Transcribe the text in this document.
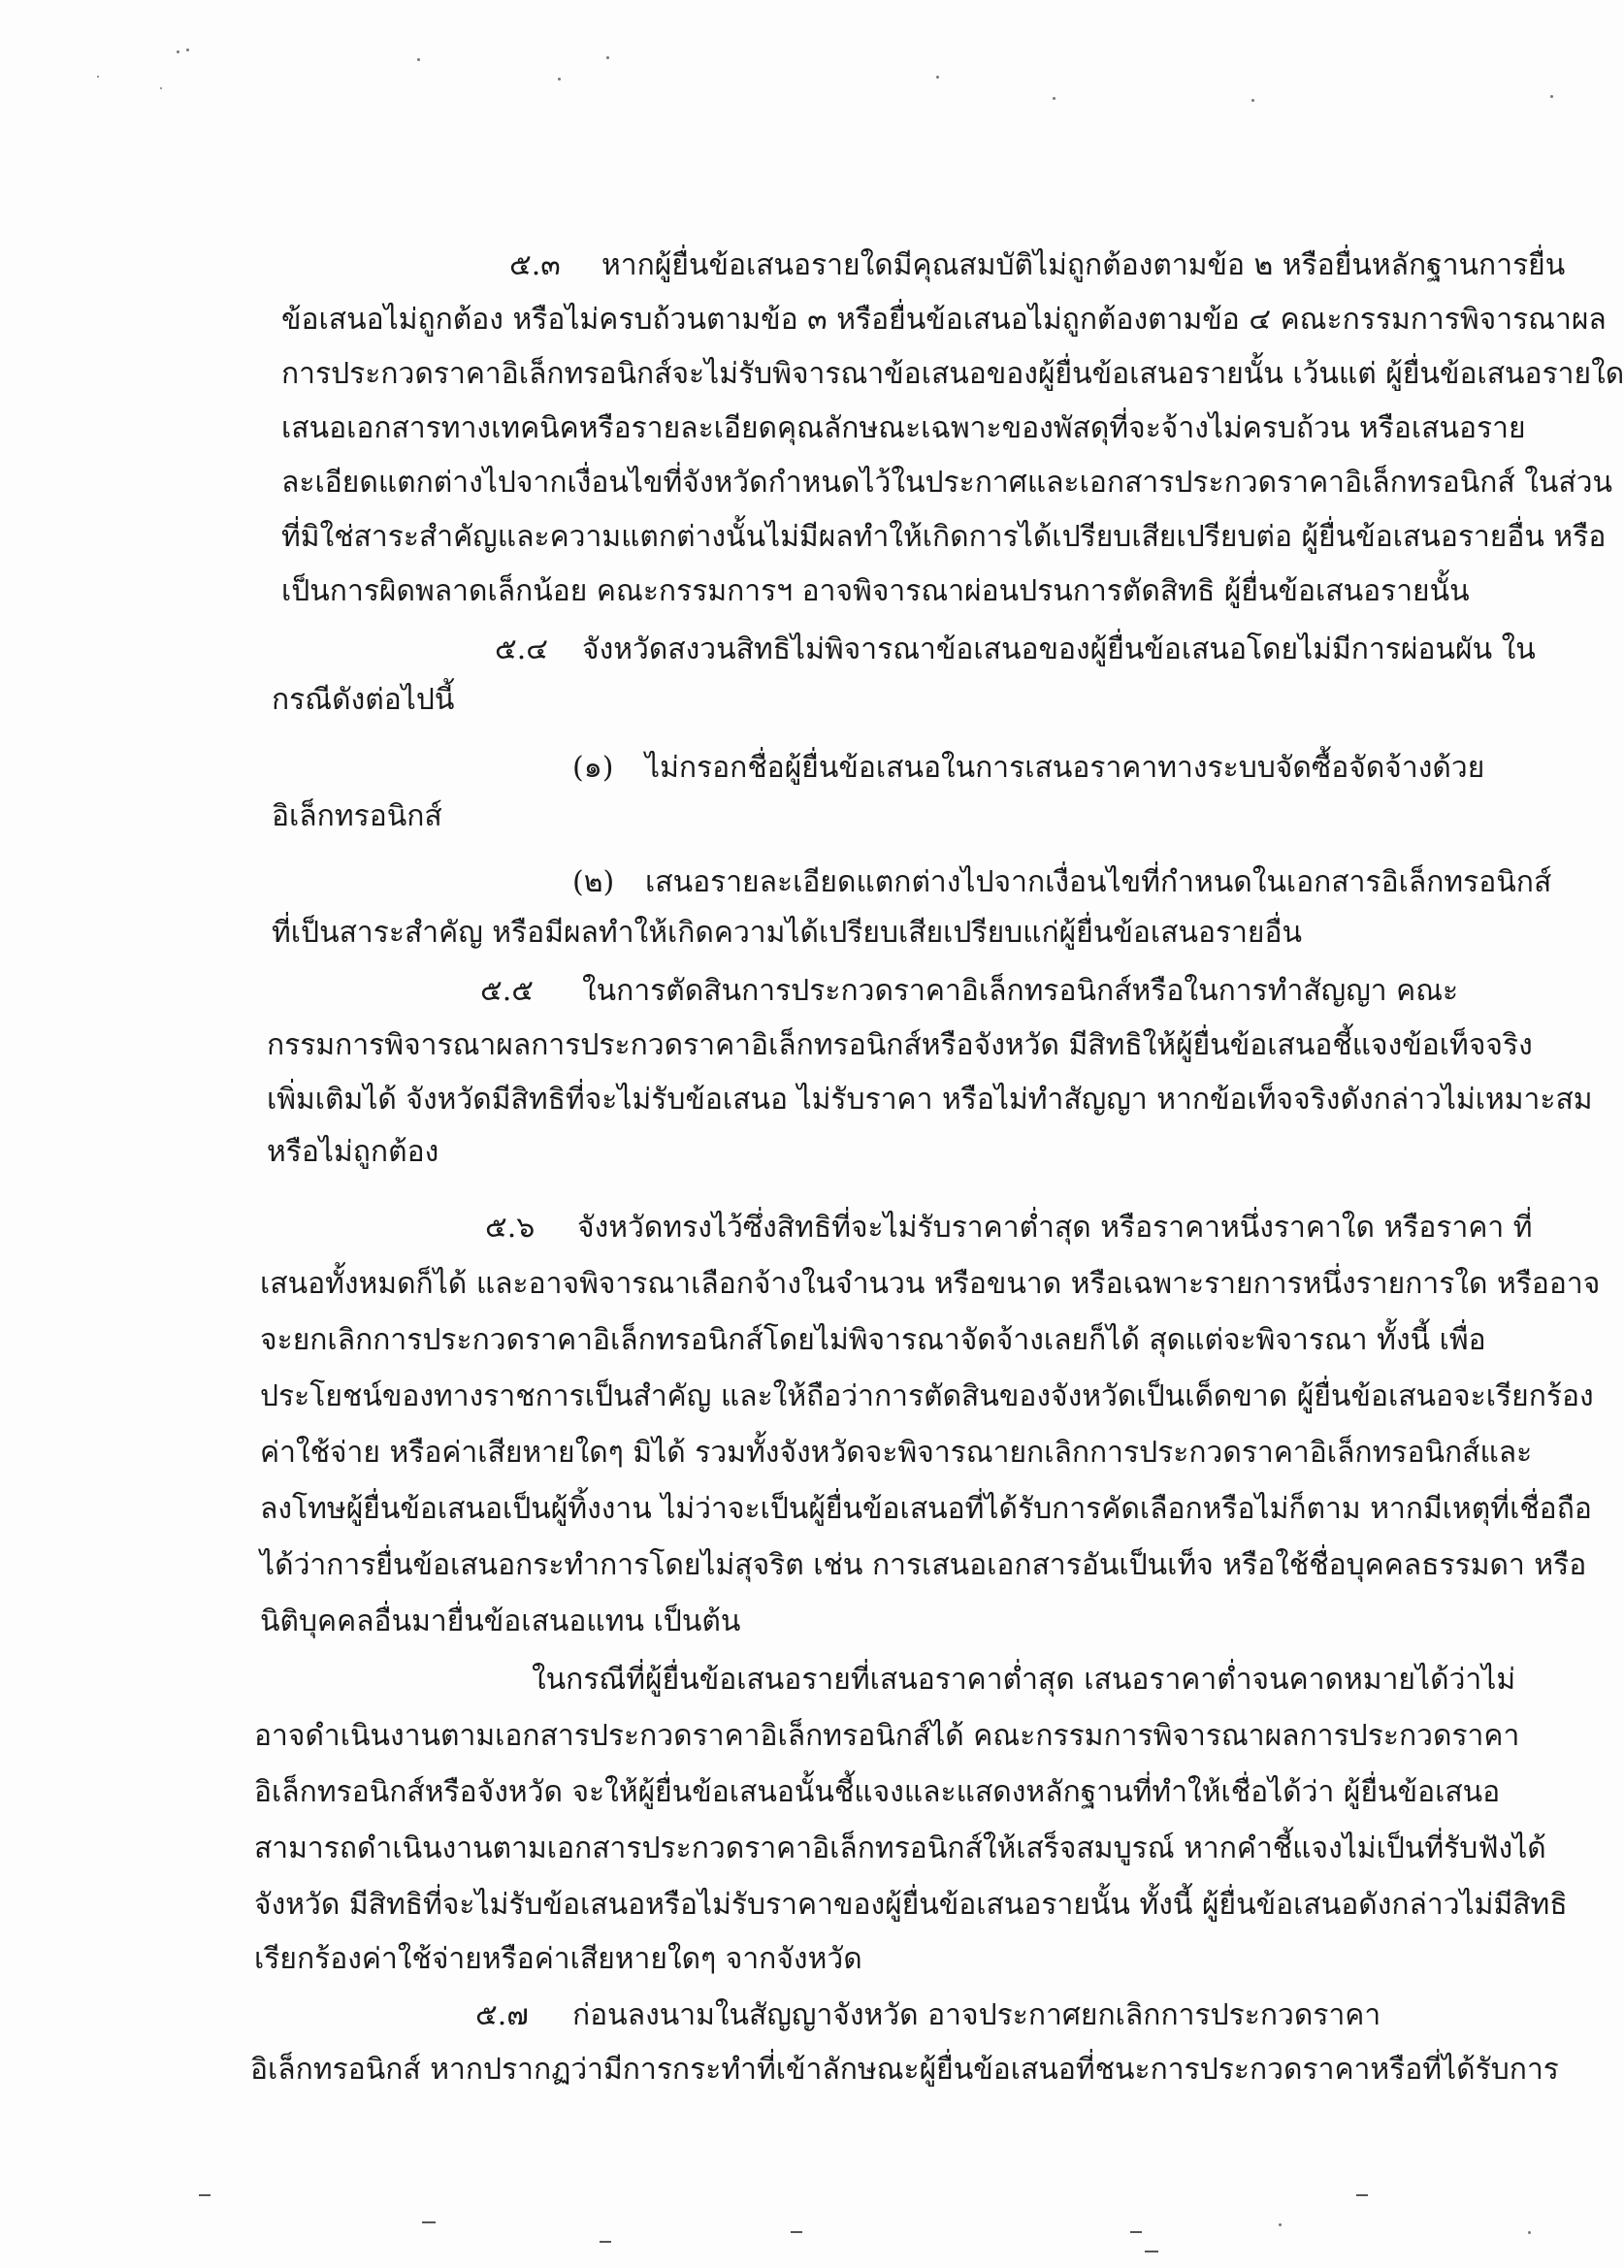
๕.๓ หากผู้ยื่นข้อเสนอรายใดมีคุณสมบัติไม่ถูกต้องตามข้อ ๒ หรือยื่นหลักฐานการยื่น
ข้อเสนอไม่ถูกต้อง หรือไม่ครบถ้วนตามข้อ ๓ หรือยื่นข้อเสนอไม่ถูกต้องตามข้อ ๔ คณะกรรมการพิจารณาผล
การประกวดราคาอิเล็กทรอนิกส์จะไม่รับพิจารณาข้อเสนอของผู้ยื่นข้อเสนอรายนั้น เว้นแต่ ผู้ยื่นข้อเสนอรายใด
เสนอเอกสารทางเทคนิคหรือรายละเอียดคุณลักษณะเฉพาะของพัสดุที่จะจ้างไม่ครบถ้วน หรือเสนอราย
ละเอียดแตกต่างไปจากเงื่อนไขที่จังหวัดกำหนดไว้ในประกาศและเอกสารประกวดราคาอิเล็กทรอนิกส์ ในส่วน
ที่มิใช่สาระสำคัญและความแตกต่างนั้นไม่มีผลทำให้เกิดการได้เปรียบเสียเปรียบต่อ ผู้ยื่นข้อเสนอรายอื่น หรือ
เป็นการผิดพลาดเล็กน้อย คณะกรรมการฯ อาจพิจารณาผ่อนปรนการตัดสิทธิ ผู้ยื่นข้อเสนอรายนั้น
๕.๔ จังหวัดสงวนสิทธิไม่พิจารณาข้อเสนอของผู้ยื่นข้อเสนอโดยไม่มีการผ่อนผัน ใน
กรณีดังต่อไปนี้
(๑) ไม่กรอกชื่อผู้ยื่นข้อเสนอในการเสนอราคาทางระบบจัดซื้อจัดจ้างด้วย
อิเล็กทรอนิกส์
(๒) เสนอรายละเอียดแตกต่างไปจากเงื่อนไขที่กำหนดในเอกสารอิเล็กทรอนิกส์
ที่เป็นสาระสำคัญ หรือมีผลทำให้เกิดความได้เปรียบเสียเปรียบแก่ผู้ยื่นข้อเสนอรายอื่น
๕.๕ ในการตัดสินการประกวดราคาอิเล็กทรอนิกส์หรือในการทำสัญญา คณะ
กรรมการพิจารณาผลการประกวดราคาอิเล็กทรอนิกส์หรือจังหวัด มีสิทธิให้ผู้ยื่นข้อเสนอชี้แจงข้อเท็จจริง
เพิ่มเติมได้ จังหวัดมีสิทธิที่จะไม่รับข้อเสนอ ไม่รับราคา หรือไม่ทำสัญญา หากข้อเท็จจริงดังกล่าวไม่เหมาะสม
หรือไม่ถูกต้อง
๕.๖ จังหวัดทรงไว้ซึ่งสิทธิที่จะไม่รับราคาต่ำสุด หรือราคาหนึ่งราคาใด หรือราคา ที่
เสนอทั้งหมดก็ได้ และอาจพิจารณาเลือกจ้างในจำนวน หรือขนาด หรือเฉพาะรายการหนึ่งรายการใด หรืออาจ
จะยกเลิกการประกวดราคาอิเล็กทรอนิกส์โดยไม่พิจารณาจัดจ้างเลยก็ได้ สุดแต่จะพิจารณา ทั้งนี้ เพื่อ
ประโยชน์ของทางราชการเป็นสำคัญ และให้ถือว่าการตัดสินของจังหวัดเป็นเด็ดขาด ผู้ยื่นข้อเสนอจะเรียกร้อง
ค่าใช้จ่าย หรือค่าเสียหายใดๆ มิได้ รวมทั้งจังหวัดจะพิจารณายกเลิกการประกวดราคาอิเล็กทรอนิกส์และ
ลงโทษผู้ยื่นข้อเสนอเป็นผู้ทิ้งงาน ไม่ว่าจะเป็นผู้ยื่นข้อเสนอที่ได้รับการคัดเลือกหรือไม่ก็ตาม หากมีเหตุที่เชื่อถือ
ได้ว่าการยื่นข้อเสนอกระทำการโดยไม่สุจริต เช่น การเสนอเอกสารอันเป็นเท็จ หรือใช้ชื่อบุคคลธรรมดา หรือ
นิติบุคคลอื่นมายื่นข้อเสนอแทน เป็นต้น
ในกรณีที่ผู้ยื่นข้อเสนอรายที่เสนอราคาต่ำสุด เสนอราคาต่ำจนคาดหมายได้ว่าไม่
อาจดำเนินงานตามเอกสารประกวดราคาอิเล็กทรอนิกส์ได้ คณะกรรมการพิจารณาผลการประกวดราคา
อิเล็กทรอนิกส์หรือจังหวัด จะให้ผู้ยื่นข้อเสนอนั้นชี้แจงและแสดงหลักฐานที่ทำให้เชื่อได้ว่า ผู้ยื่นข้อเสนอ
สามารถดำเนินงานตามเอกสารประกวดราคาอิเล็กทรอนิกส์ให้เสร็จสมบูรณ์ หากคำชี้แจงไม่เป็นที่รับฟังได้
จังหวัด มีสิทธิที่จะไม่รับข้อเสนอหรือไม่รับราคาของผู้ยื่นข้อเสนอรายนั้น ทั้งนี้ ผู้ยื่นข้อเสนอดังกล่าวไม่มีสิทธิ
เรียกร้องค่าใช้จ่ายหรือค่าเสียหายใดๆ จากจังหวัด
๕.๗ ก่อนลงนามในสัญญาจังหวัด อาจประกาศยกเลิกการประกวดราคา
อิเล็กทรอนิกส์ หากปรากฏว่ามีการกระทำที่เข้าลักษณะผู้ยื่นข้อเสนอที่ชนะการประกวดราคาหรือที่ได้รับการ
